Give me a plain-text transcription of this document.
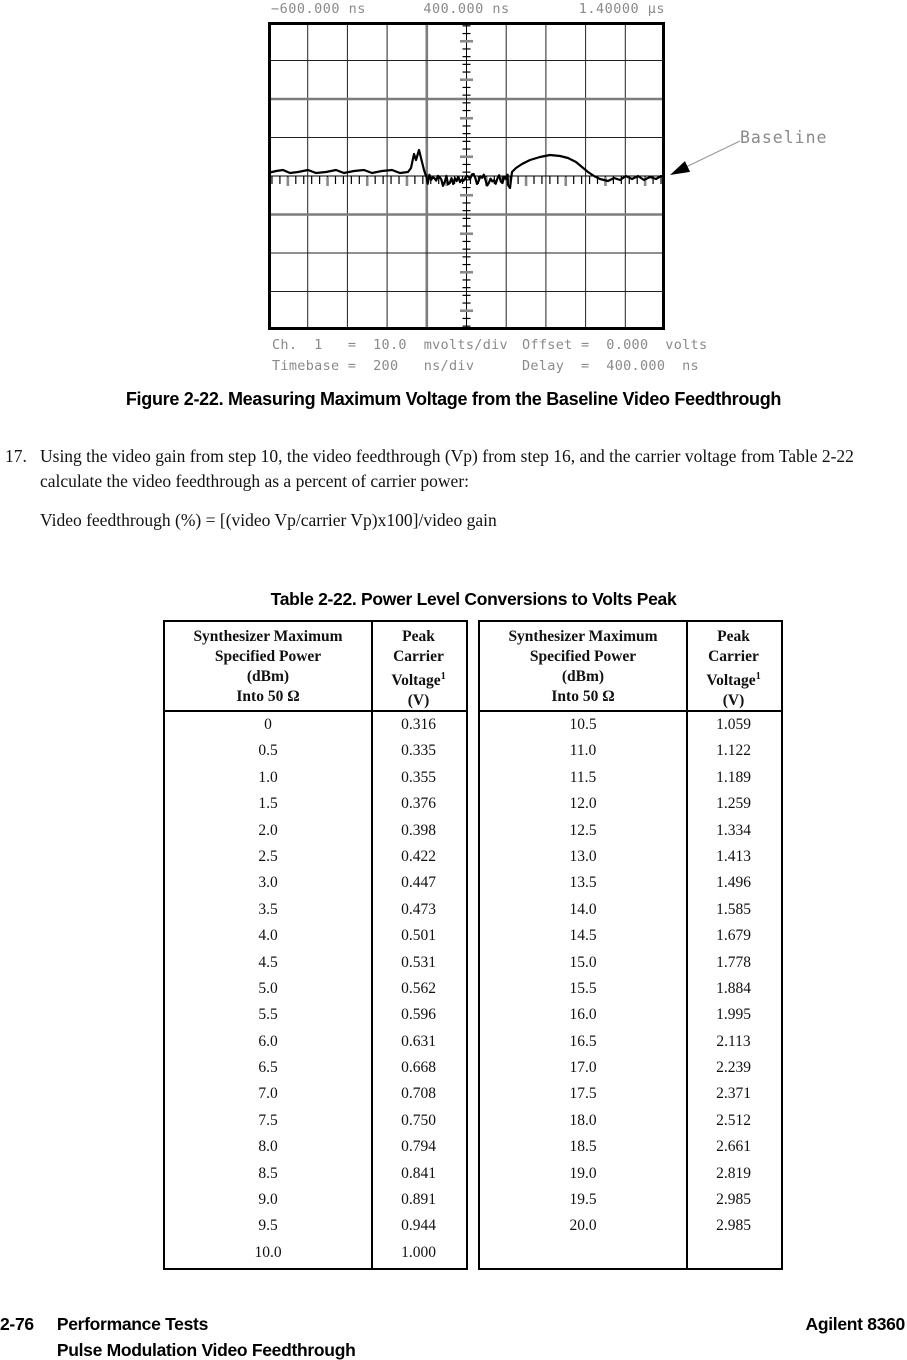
−600.000 ns	400.000 ns	1.40000 µs
Baseline

Ch.  1   =  10.0  mvolts/div

Timebase =  200   ns/div

Offset =  0.000  volts

Delay  =  400.000  ns

Figure 2-22. Measuring Maximum Voltage from the Baseline Video Feedthrough
17. Using the video gain from step 10, the video feedthrough (Vp) from step 16, and the carrier voltage from Table 2-22 calculate the video feedthrough as a percent of carrier power:

Video feedthrough (%) = [(video Vp/carrier Vp)x100]/video gain

Table 2-22. Power Level Conversions to Volts Peak
Synthesizer Maximum
Specified Power
(dBm)
Into 50 Ω
Peak
Carrier
Voltage$^1$
(V)
0	0.316
0.5	0.335
1.0	0.355
1.5	0.376
2.0	0.398
2.5	0.422
3.0	0.447
3.5	0.473
4.0	0.501
4.5	0.531
5.0	0.562
5.5	0.596
6.0	0.631
6.5	0.668
7.0	0.708
7.5	0.750
8.0	0.794
8.5	0.841
9.0	0.891
9.5	0.944
10.0	1.000
Synthesizer Maximum
Specified Power
(dBm)
Into 50 Ω
Peak
Carrier
Voltage$^1$
(V)
10.5	1.059
11.0	1.122
11.5	1.189
12.0	1.259
12.5	1.334
13.0	1.413
13.5	1.496
14.0	1.585
14.5	1.679
15.0	1.778
15.5	1.884
16.0	1.995
16.5	2.113
17.0	2.239
17.5	2.371
18.0	2.512
18.5	2.661
19.0	2.819
19.5	2.985
20.0	2.985
2-76 Performance Tests
Pulse Modulation Video Feedthrough
Agilent 8360
